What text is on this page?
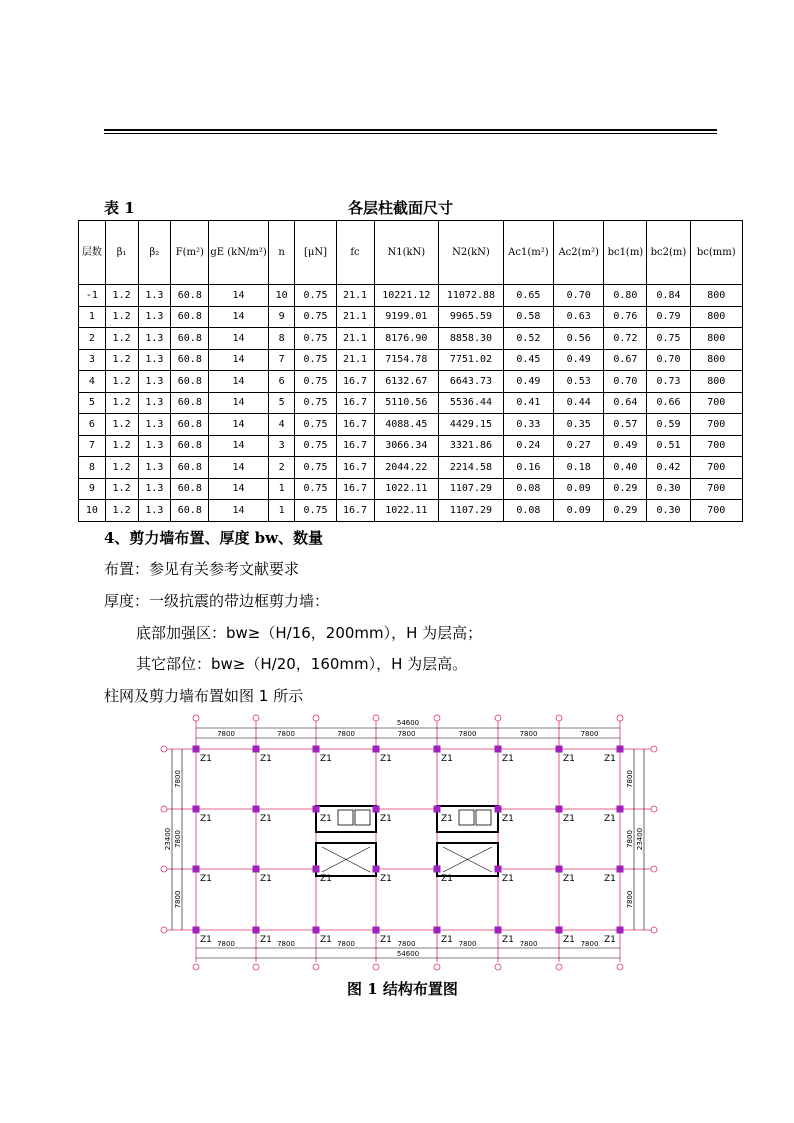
表 1	各层柱截面尺寸
层数	β₁	β₂	F(m²)	gE (kN/m²)	n	[μN]	fc	N1(kN)	N2(kN)	Ac1(m²)	Ac2(m²)	bc1(m)	bc2(m)	bc(mm)
-1	1.2	1.3	60.8	14	10	0.75	21.1	10221.12	11072.88	0.65	0.70	0.80	0.84	800
1	1.2	1.3	60.8	14	9	0.75	21.1	9199.01	9965.59	0.58	0.63	0.76	0.79	800
2	1.2	1.3	60.8	14	8	0.75	21.1	8176.90	8858.30	0.52	0.56	0.72	0.75	800
3	1.2	1.3	60.8	14	7	0.75	21.1	7154.78	7751.02	0.45	0.49	0.67	0.70	800
4	1.2	1.3	60.8	14	6	0.75	16.7	6132.67	6643.73	0.49	0.53	0.70	0.73	800
5	1.2	1.3	60.8	14	5	0.75	16.7	5110.56	5536.44	0.41	0.44	0.64	0.66	700
6	1.2	1.3	60.8	14	4	0.75	16.7	4088.45	4429.15	0.33	0.35	0.57	0.59	700
7	1.2	1.3	60.8	14	3	0.75	16.7	3066.34	3321.86	0.24	0.27	0.49	0.51	700
8	1.2	1.3	60.8	14	2	0.75	16.7	2044.22	2214.58	0.16	0.18	0.40	0.42	700
9	1.2	1.3	60.8	14	1	0.75	16.7	1022.11	1107.29	0.08	0.09	0.29	0.30	700
10	1.2	1.3	60.8	14	1	0.75	16.7	1022.11	1107.29	0.08	0.09	0.29	0.30	700
4、剪力墙布置、厚度 bw、数量
布置：参见有关参考文献要求
厚度：一级抗震的带边框剪力墙：
底部加强区：bw≥（H/16，200mm），H 为层高；
其它部位：bw≥（H/20，160mm），H 为层高。
柱网及剪力墙布置如图 1 所示
54600
54600
7800
7800
7800
7800
7800
7800
7800
7800
7800
7800
7800
7800
7800
7800
23400	23400
7800	7800
7800	7800
7800	7800
Z1	Z1	Z1	Z1	Z1	Z1	Z1	Z1
Z1	Z1	Z1	Z1	Z1	Z1	Z1	Z1
Z1	Z1	Z1	Z1	Z1	Z1	Z1	Z1
Z1	Z1	Z1	Z1	Z1	Z1	Z1	Z1
图 1 结构布置图
